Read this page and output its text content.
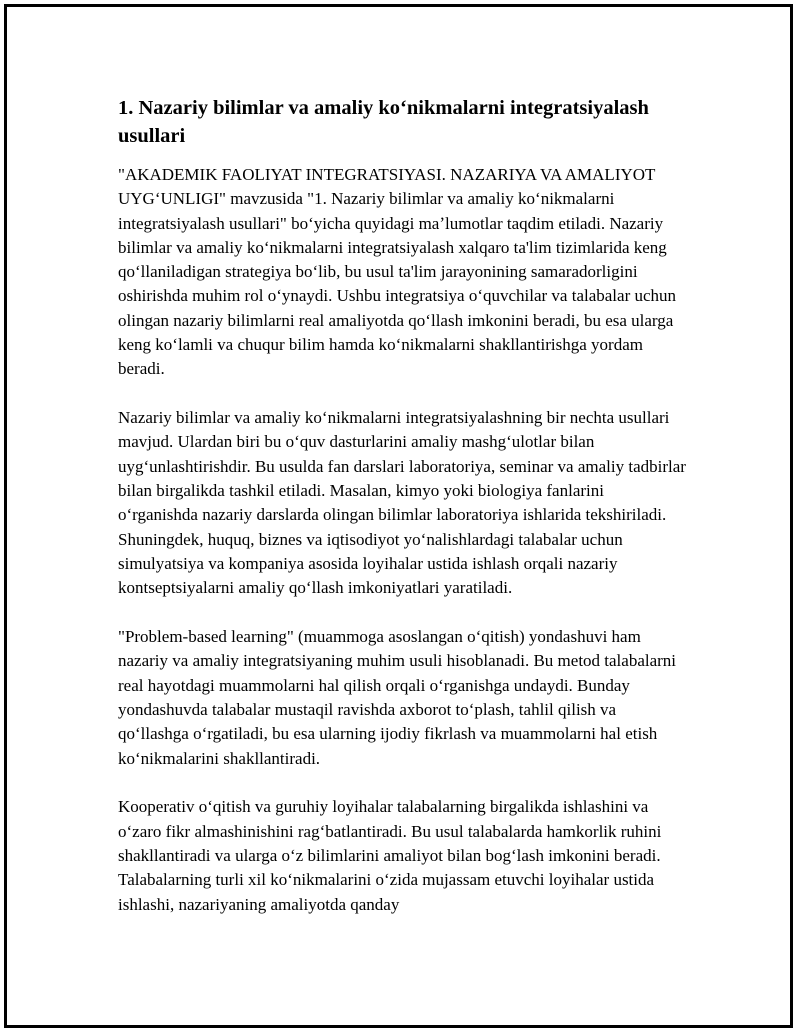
1. Nazariy bilimlar va amaliy koʻnikmalarni integratsiyalash usullari

"AKADEMIK FAOLIYAT INTEGRATSIYASI. NAZARIYA VA AMALIYOT UYGʻUNLIGI" mavzusida "1. Nazariy bilimlar va amaliy koʻnikmalarni integratsiyalash usullari" boʻyicha quyidagi maʼlumotlar taqdim etiladi. Nazariy bilimlar va amaliy koʻnikmalarni integratsiyalash xalqaro ta'lim tizimlarida keng qoʻllaniladigan strategiya boʻlib, bu usul ta'lim jarayonining samaradorligini oshirishda muhim rol oʻynaydi. Ushbu integratsiya oʻquvchilar va talabalar uchun olingan nazariy bilimlarni real amaliyotda qoʻllash imkonini beradi, bu esa ularga keng koʻlamli va chuqur bilim hamda koʻnikmalarni shakllantirishga yordam beradi.

Nazariy bilimlar va amaliy koʻnikmalarni integratsiyalashning bir nechta usullari mavjud. Ulardan biri bu oʻquv dasturlarini amaliy mashgʻulotlar bilan uygʻunlashtirishdir. Bu usulda fan darslari laboratoriya, seminar va amaliy tadbirlar bilan birgalikda tashkil etiladi. Masalan, kimyo yoki biologiya fanlarini oʻrganishda nazariy darslarda olingan bilimlar laboratoriya ishlarida tekshiriladi. Shuningdek, huquq, biznes va iqtisodiyot yoʻnalishlardagi talabalar uchun simulyatsiya va kompaniya asosida loyihalar ustida ishlash orqali nazariy kontseptsiyalarni amaliy qoʻllash imkoniyatlari yaratiladi.

"Problem-based learning" (muammoga asoslangan oʻqitish) yondashuvi ham nazariy va amaliy integratsiyaning muhim usuli hisoblanadi. Bu metod talabalarni real hayotdagi muammolarni hal qilish orqali oʻrganishga undaydi. Bunday yondashuvda talabalar mustaqil ravishda axborot toʻplash, tahlil qilish va qoʻllashga oʻrgatiladi, bu esa ularning ijodiy fikrlash va muammolarni hal etish koʻnikmalarini shakllantiradi.

Kooperativ oʻqitish va guruhiy loyihalar talabalarning birgalikda ishlashini va oʻzaro fikr almashinishini ragʻbatlantiradi. Bu usul talabalarda hamkorlik ruhini shakllantiradi va ularga oʻz bilimlarini amaliyot bilan bogʻlash imkonini beradi. Talabalarning turli xil koʻnikmalarini oʻzida mujassam etuvchi loyihalar ustida ishlashi, nazariyaning amaliyotda qanday
